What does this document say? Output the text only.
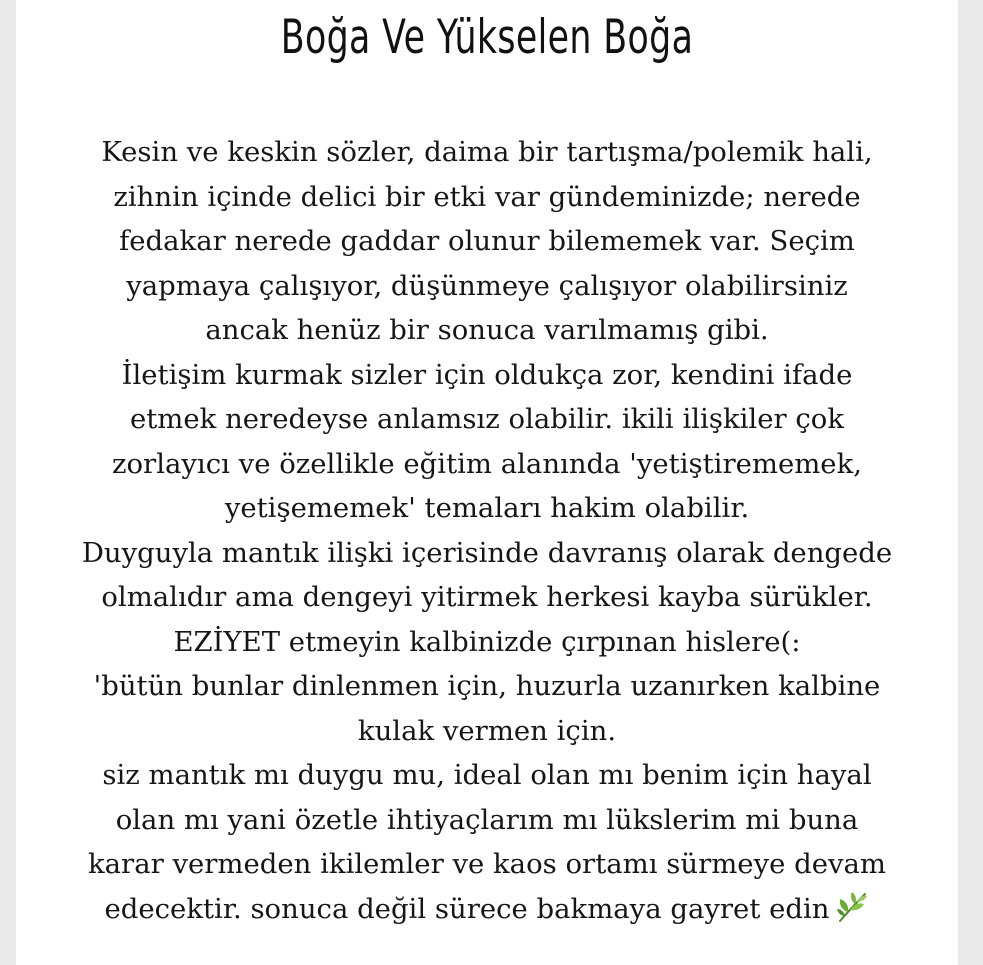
Boğa Ve Yükselen Boğa
Kesin ve keskin sözler, daima bir tartışma/polemik hali,
zihnin içinde delici bir etki var gündeminizde; nerede
fedakar nerede gaddar olunur bilememek var. Seçim
yapmaya çalışıyor, düşünmeye çalışıyor olabilirsiniz
ancak henüz bir sonuca varılmamış gibi.
İletişim kurmak sizler için oldukça zor, kendini ifade
etmek neredeyse anlamsız olabilir. ikili ilişkiler çok
zorlayıcı ve özellikle eğitim alanında 'yetiştirememek,
yetişememek' temaları hakim olabilir.
Duyguyla mantık ilişki içerisinde davranış olarak dengede
olmalıdır ama dengeyi yitirmek herkesi kayba sürükler.
EZİYET etmeyin kalbinizde çırpınan hislere(:
'bütün bunlar dinlenmen için, huzurla uzanırken kalbine
kulak vermen için.
siz mantık mı duygu mu, ideal olan mı benim için hayal
olan mı yani özetle ihtiyaçlarım mı lükslerim mi buna
karar vermeden ikilemler ve kaos ortamı sürmeye devam
edecektir. sonuca değil sürece bakmaya gayret edin
